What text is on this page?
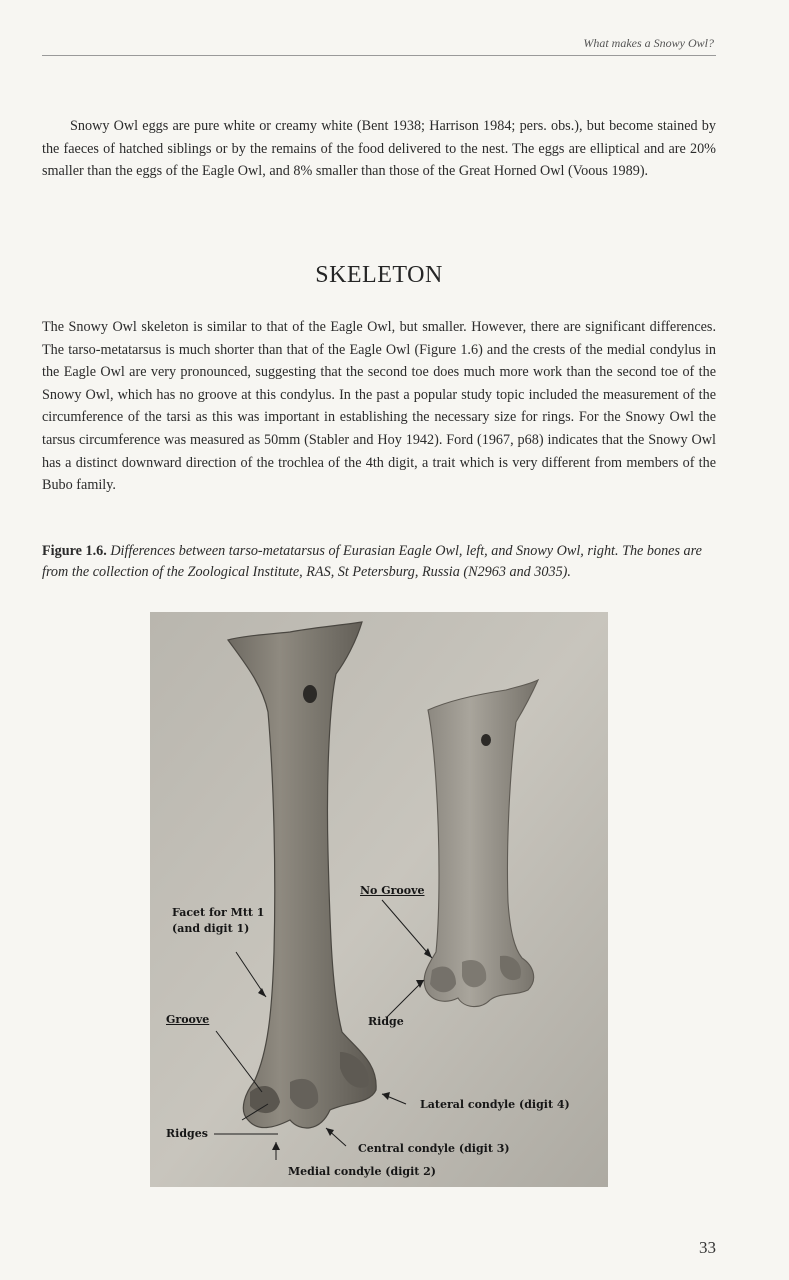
What makes a Snowy Owl?

Snowy Owl eggs are pure white or creamy white (Bent 1938; Harrison 1984; pers. obs.), but become stained by the faeces of hatched siblings or by the remains of the food delivered to the nest. The eggs are elliptical and are 20% smaller than the eggs of the Eagle Owl, and 8% smaller than those of the Great Horned Owl (Voous 1989).

SKELETON

The Snowy Owl skeleton is similar to that of the Eagle Owl, but smaller. However, there are significant differences. The tarso-metatarsus is much shorter than that of the Eagle Owl (Figure 1.6) and the crests of the medial condylus in the Eagle Owl are very pronounced, suggesting that the second toe does much more work than the second toe of the Snowy Owl, which has no groove at this condylus. In the past a popular study topic included the measurement of the circumference of the tarsi as this was important in establishing the necessary size for rings. For the Snowy Owl the tarsus circumference was measured as 50mm (Stabler and Hoy 1942). Ford (1967, p68) indicates that the Snowy Owl has a distinct downward direction of the trochlea of the 4th digit, a trait which is very different from members of the Bubo family.

Figure 1.6. Differences between tarso-metatarsus of Eurasian Eagle Owl, left, and Snowy Owl, right. The bones are from the collection of the Zoological Institute, RAS, St Petersburg, Russia (N2963 and 3035).

No Groove
Facet for Mtt 1
(and digit 1)
Groove	Ridge
Lateral condyle (digit 4)
Ridges
Central condyle (digit 3)
Medial condyle (digit 2)
33
